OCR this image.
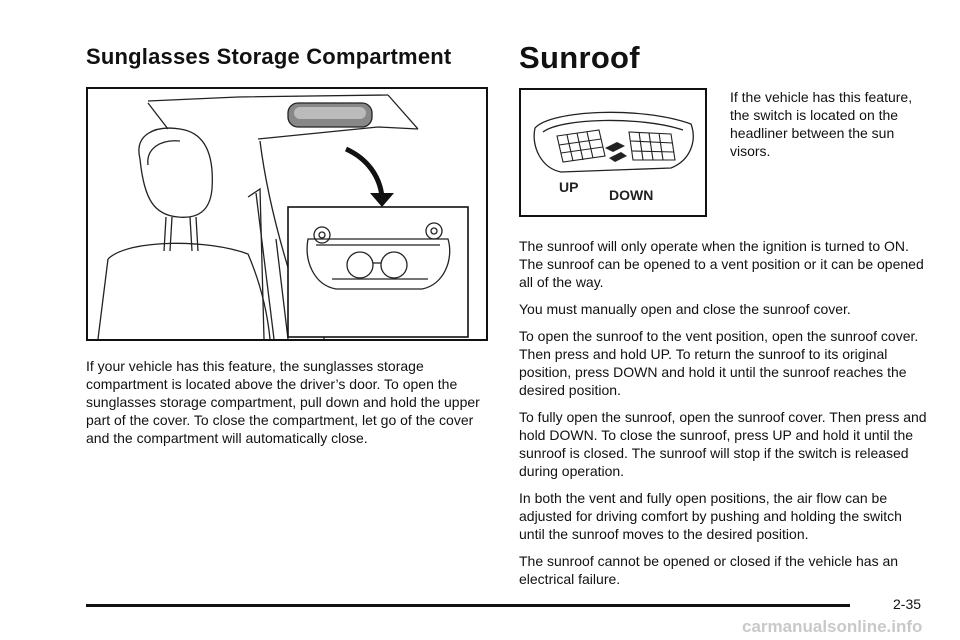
Sunglasses Storage Compartment Sunroof
UP DOWN

If the vehicle has this feature, the switch is located on the headliner between the sun visors.

If your vehicle has this feature, the sunglasses storage compartment is located above the driver’s door. To open the sunglasses storage compartment, pull down and hold the upper part of the cover. To close the compartment, let go of the cover and the compartment will automatically close.

The sunroof will only operate when the ignition is turned to ON. The sunroof can be opened to a vent position or it can be opened all of the way.

You must manually open and close the sunroof cover.

To open the sunroof to the vent position, open the sunroof cover. Then press and hold UP. To return the sunroof to its original position, press DOWN and hold it until the sunroof reaches the desired position.

To fully open the sunroof, open the sunroof cover. Then press and hold DOWN. To close the sunroof, press UP and hold it until the sunroof is closed. The sunroof will stop if the switch is released during operation.

In both the vent and fully open positions, the air flow can be adjusted for driving comfort by pushing and holding the switch until the sunroof moves to the desired position.

The sunroof cannot be opened or closed if the vehicle has an electrical failure.

2-35
carmanualsonline.info
